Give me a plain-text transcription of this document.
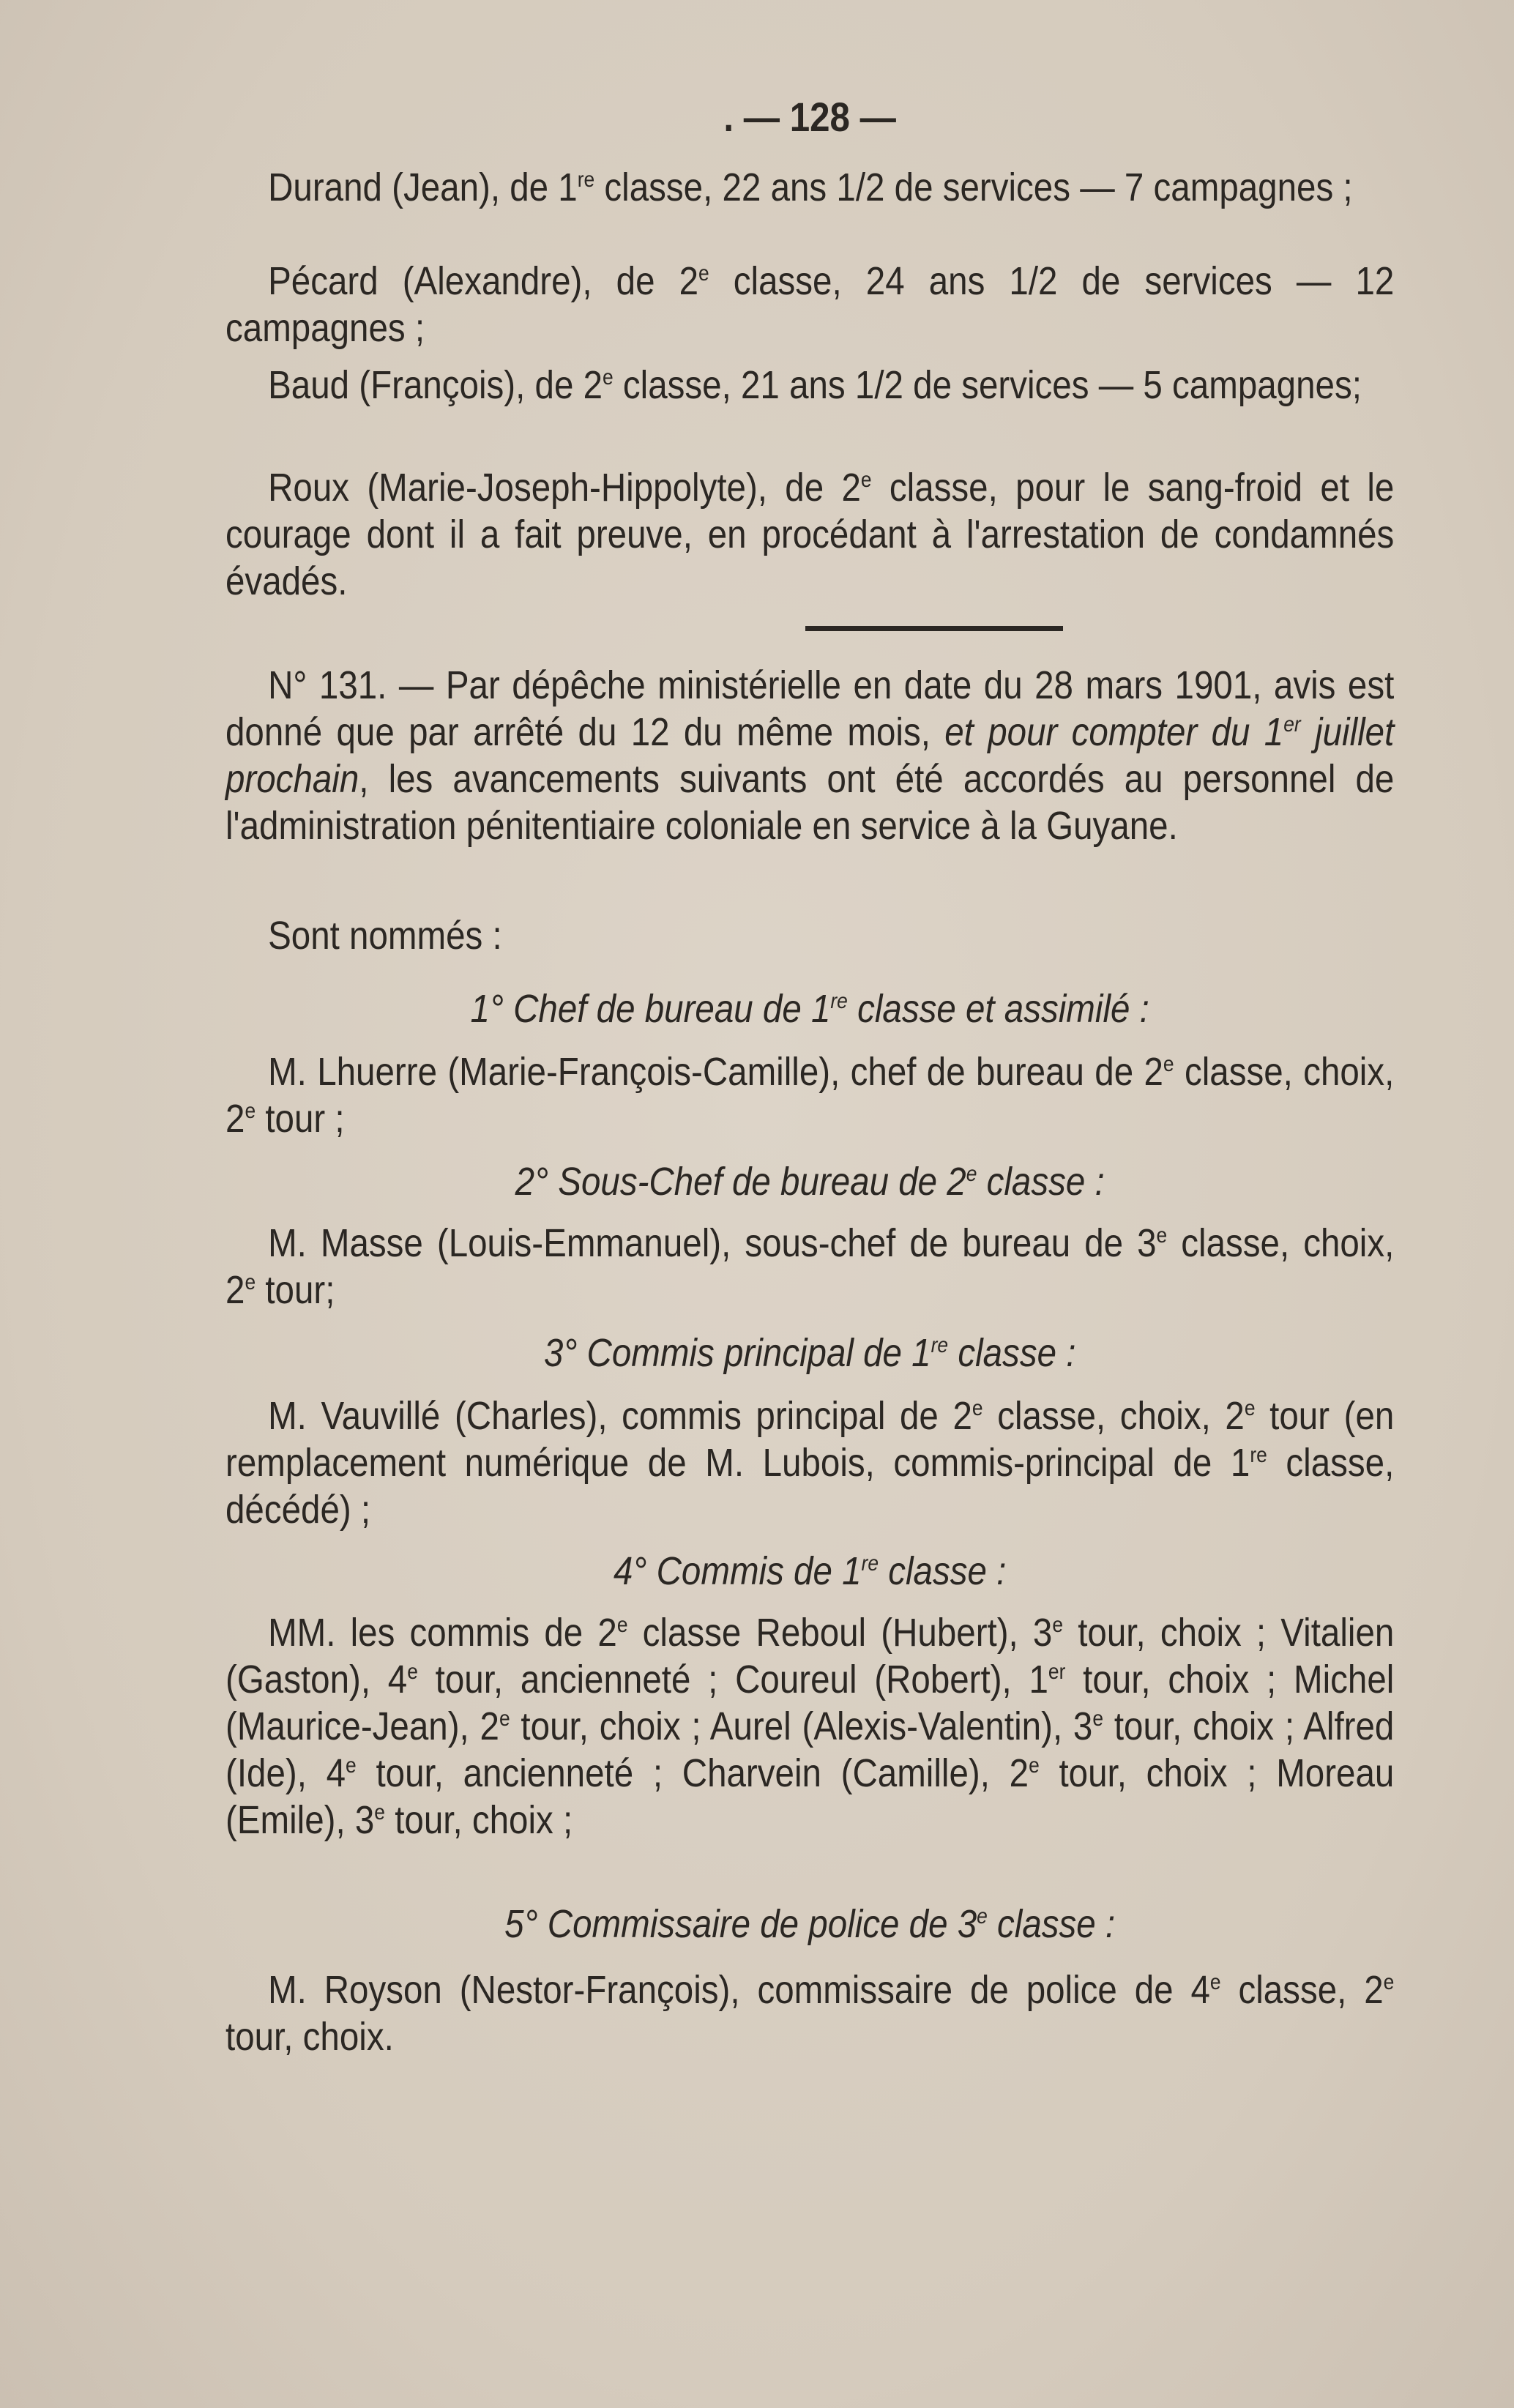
. — 128 —

Durand (Jean), de 1re classe, 22 ans 1/2 de services — 7 campagnes ;

Pécard (Alexandre), de 2e classe, 24 ans 1/2 de services — 12 campagnes ;

Baud (François), de 2e classe, 21 ans 1/2 de services — 5 campagnes;

Roux (Marie-Joseph-Hippolyte), de 2e classe, pour le sang-froid et le courage dont il a fait preuve, en procédant à l'arrestation de condamnés évadés.

N° 131. — Par dépêche ministérielle en date du 28 mars 1901, avis est donné que par arrêté du 12 du même mois, et pour compter du 1er juillet prochain, les avancements suivants ont été accordés au personnel de l'administration pénitentiaire coloniale en service à la Guyane.

Sont nommés :

1° Chef de bureau de 1re classe et assimilé :

M. Lhuerre (Marie-François-Camille), chef de bureau de 2e classe, choix, 2e tour ;

2° Sous-Chef de bureau de 2e classe :

M. Masse (Louis-Emmanuel), sous-chef de bureau de 3e classe, choix, 2e tour;

3° Commis principal de 1re classe :

M. Vauvillé (Charles), commis principal de 2e classe, choix, 2e tour (en remplacement numérique de M. Lubois, commis-principal de 1re classe, décédé) ;

4° Commis de 1re classe :

MM. les commis de 2e classe Reboul (Hubert), 3e tour, choix ; Vitalien (Gaston), 4e tour, ancienneté ; Coureul (Robert), 1er tour, choix ; Michel (Maurice-Jean), 2e tour, choix ; Aurel (Alexis-Valentin), 3e tour, choix ; Alfred (Ide), 4e tour, ancienneté ; Charvein (Camille), 2e tour, choix ; Moreau (Emile), 3e tour, choix ;

5° Commissaire de police de 3e classe :

M. Royson (Nestor-François), commissaire de police de 4e classe, 2e tour, choix.
